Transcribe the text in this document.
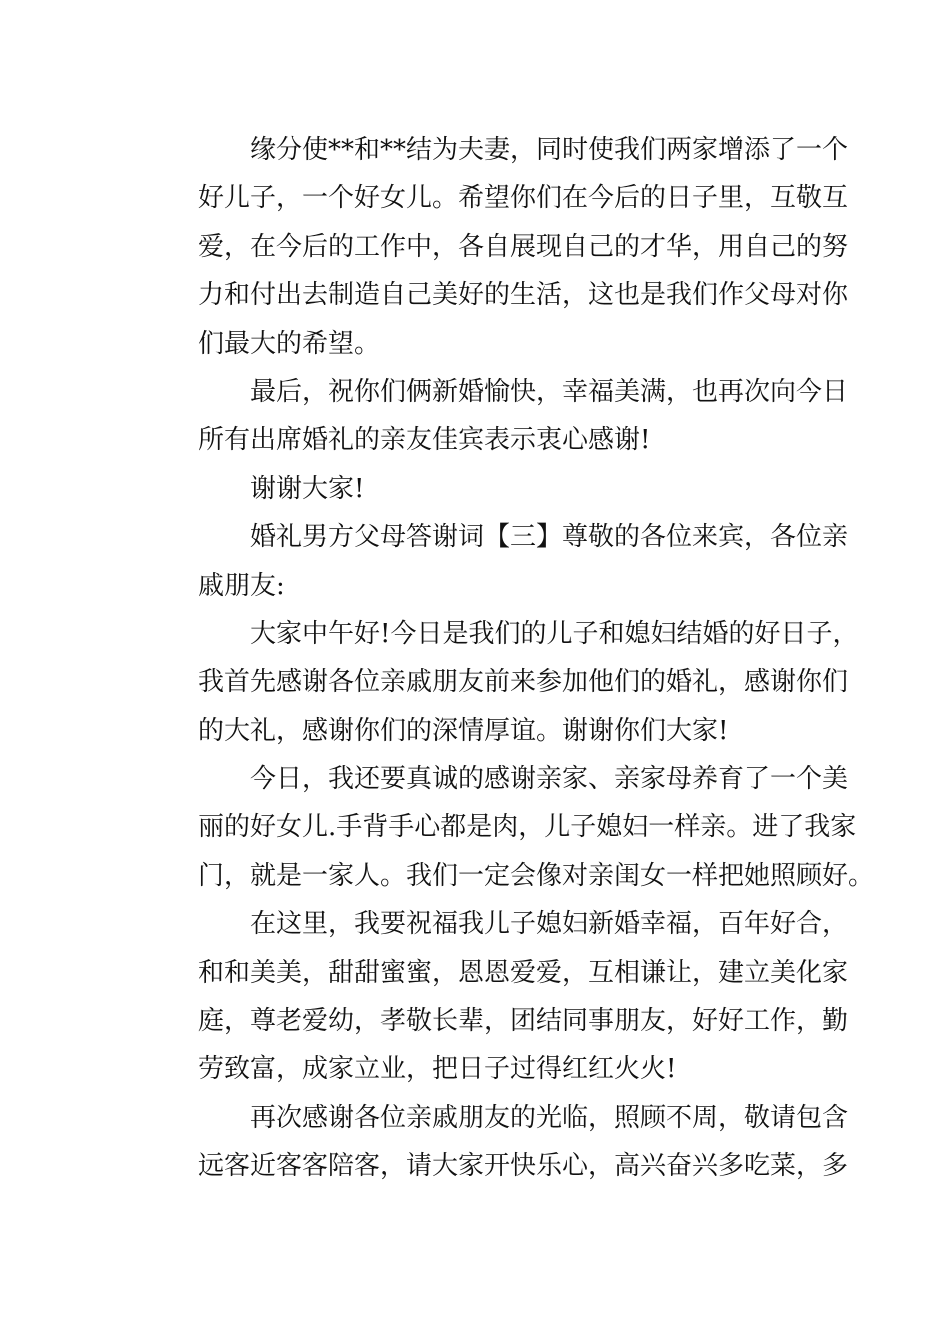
缘分使**和**结为夫妻，同时使我们两家增添了一个
好儿子，一个好女儿。希望你们在今后的日子里，互敬互
爱，在今后的工作中，各自展现自己的才华，用自己的努
力和付出去制造自己美好的生活，这也是我们作父母对你
们最大的希望。
最后，祝你们俩新婚愉快，幸福美满，也再次向今日
所有出席婚礼的亲友佳宾表示衷心感谢!
谢谢大家!
婚礼男方父母答谢词【三】尊敬的各位来宾，各位亲
戚朋友:
大家中午好!今日是我们的儿子和媳妇结婚的好日子，
我首先感谢各位亲戚朋友前来参加他们的婚礼，感谢你们
的大礼，感谢你们的深情厚谊。谢谢你们大家!
今日，我还要真诚的感谢亲家、亲家母养育了一个美
丽的好女儿.手背手心都是肉，儿子媳妇一样亲。进了我家
门，就是一家人。我们一定会像对亲闺女一样把她照顾好。
在这里，我要祝福我儿子媳妇新婚幸福，百年好合，
和和美美，甜甜蜜蜜，恩恩爱爱，互相谦让，建立美化家
庭，尊老爱幼，孝敬长辈，团结同事朋友，好好工作，勤
劳致富，成家立业，把日子过得红红火火!
再次感谢各位亲戚朋友的光临，照顾不周，敬请包含
远客近客客陪客，请大家开快乐心，高兴奋兴多吃菜，多
